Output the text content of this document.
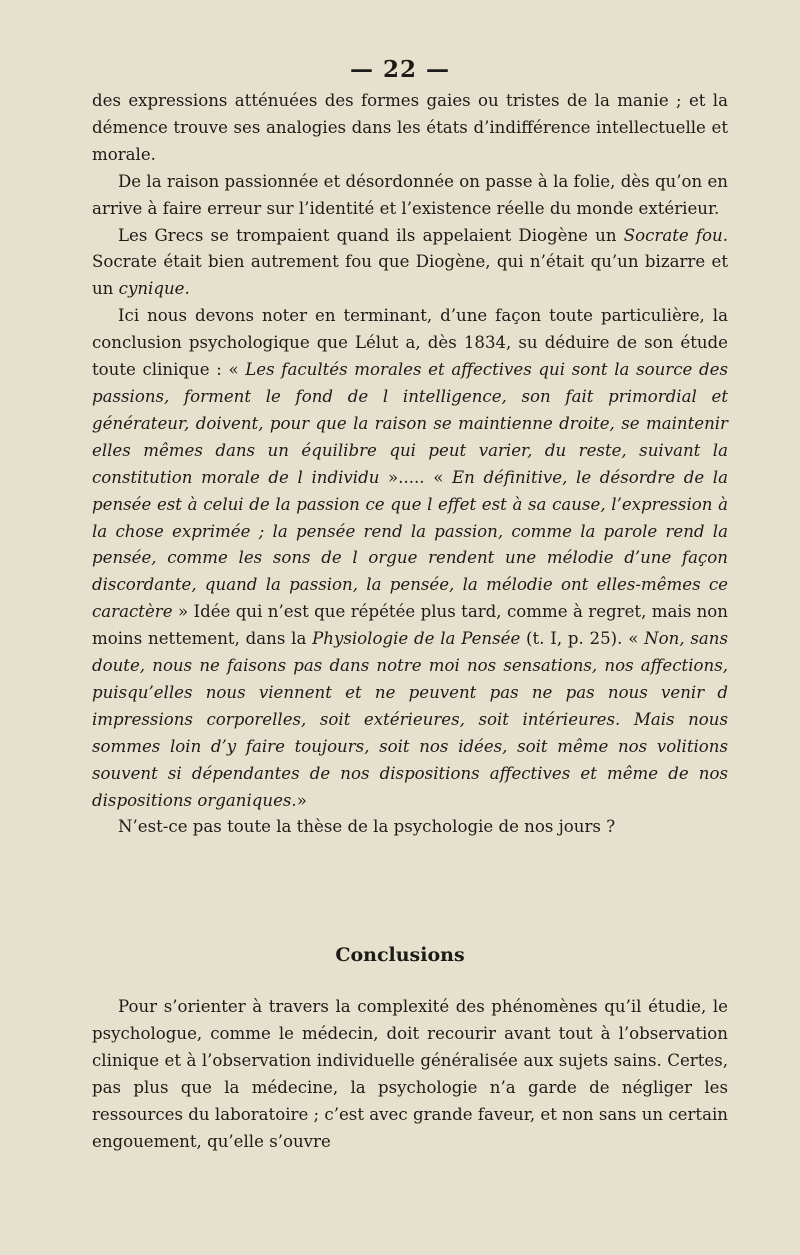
— 22 —

des expressions atténuées des formes gaies ou tristes de la manie ; et la démence trouve ses analogies dans les états d’indifférence intellectuelle et morale.

De la raison passionnée et désordonnée on passe à la folie, dès qu’on en arrive à faire erreur sur l’identité et l’existence réelle du monde extérieur.

Les Grecs se trompaient quand ils appelaient Diogène un Socrate fou. Socrate était bien autrement fou que Diogène, qui n’était qu’un bizarre et un cynique.

Ici nous devons noter en terminant, d’une façon toute particulière, la conclusion psychologique que Lélut a, dès 1834, su déduire de son étude toute clinique : « Les facultés morales et affectives qui sont la source des passions, forment le fond de l intelligence, son fait primordial et générateur, doivent, pour que la raison se maintienne droite, se maintenir elles mêmes dans un équilibre qui peut varier, du reste, suivant la constitution morale de l individu »..... « En définitive, le désordre de la pensée est à celui de la passion ce que l effet est à sa cause, l’expression à la chose exprimée ; la pensée rend la passion, comme la parole rend la pensée, comme les sons de l orgue rendent une mélodie d’une façon discordante, quand la passion, la pensée, la mélodie ont elles-mêmes ce caractère » Idée qui n’est que répétée plus tard, comme à regret, mais non moins nettement, dans la Physiologie de la Pensée (t. I, p. 25). « Non, sans doute, nous ne faisons pas dans notre moi nos sensations, nos affections, puisqu’elles nous viennent et ne peuvent pas ne pas nous venir d impressions corporelles, soit extérieures, soit intérieures. Mais nous sommes loin d’y faire toujours, soit nos idées, soit même nos volitions souvent si dépendantes de nos dispositions affectives et même de nos dispositions organiques.»

N’est-ce pas toute la thèse de la psychologie de nos jours ?

Conclusions

Pour s’orienter à travers la complexité des phénomènes qu’il étudie, le psychologue, comme le médecin, doit recourir avant tout à l’observation clinique et à l’observation individuelle généralisée aux sujets sains. Certes, pas plus que la médecine, la psychologie n’a garde de négliger les ressources du laboratoire ; c’est avec grande faveur, et non sans un certain engouement, qu’elle s’ouvre
